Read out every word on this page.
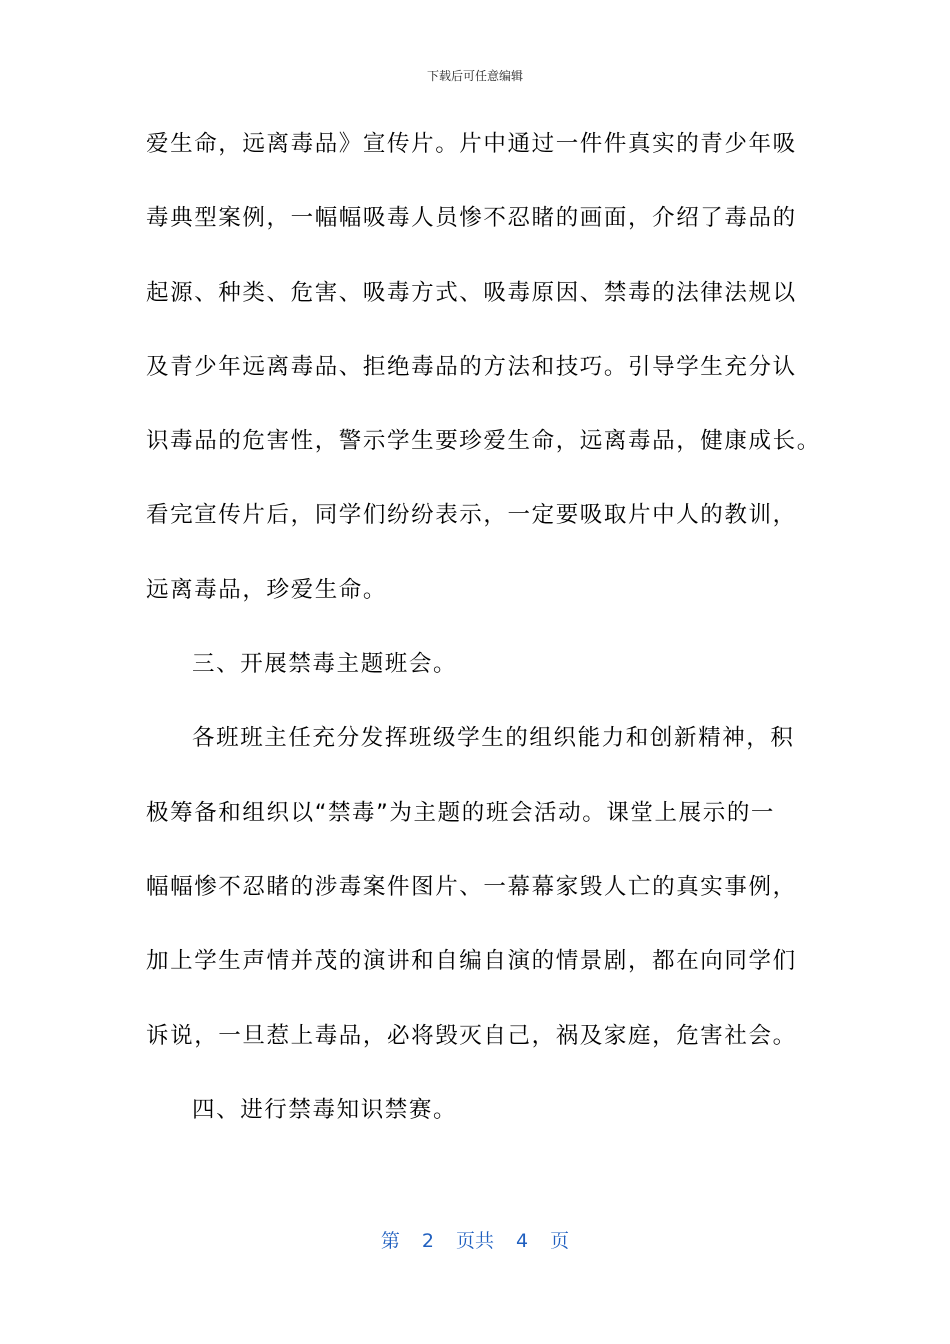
下载后可任意编辑
爱生命，远离毒品》宣传片。片中通过一件件真实的青少年吸
毒典型案例，一幅幅吸毒人员惨不忍睹的画面，介绍了毒品的
起源、种类、危害、吸毒方式、吸毒原因、禁毒的法律法规以
及青少年远离毒品、拒绝毒品的方法和技巧。引导学生充分认
识毒品的危害性，警示学生要珍爱生命，远离毒品，健康成长。
看完宣传片后，同学们纷纷表示，一定要吸取片中人的教训，
远离毒品，珍爱生命。
三、开展禁毒主题班会。
各班班主任充分发挥班级学生的组织能力和创新精神，积
极筹备和组织以“禁毒”为主题的班会活动。课堂上展示的一
幅幅惨不忍睹的涉毒案件图片、一幕幕家毁人亡的真实事例，
加上学生声情并茂的演讲和自编自演的情景剧，都在向同学们
诉说，一旦惹上毒品，必将毁灭自己，祸及家庭，危害社会。
四、进行禁毒知识禁赛。
第 2 页共 4 页
